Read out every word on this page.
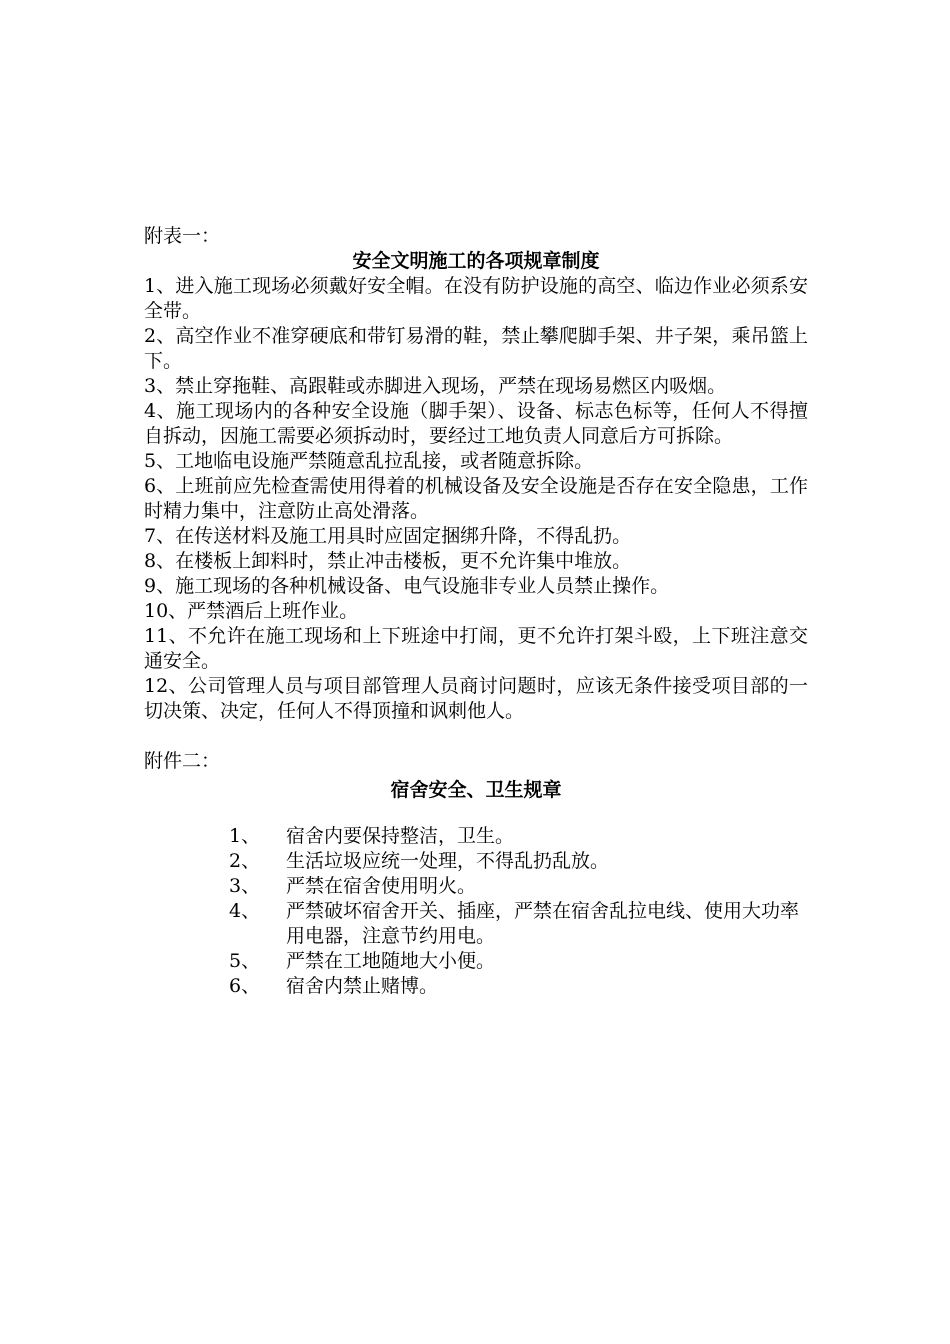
附表一：

安全文明施工的各项规章制度

1、进入施工现场必须戴好安全帽。在没有防护设施的高空、临边作业必须系安全带。

2、高空作业不准穿硬底和带钉易滑的鞋，禁止攀爬脚手架、井子架，乘吊篮上下。

3、禁止穿拖鞋、高跟鞋或赤脚进入现场，严禁在现场易燃区内吸烟。

4、施工现场内的各种安全设施（脚手架）、设备、标志色标等，任何人不得擅自拆动，因施工需要必须拆动时，要经过工地负责人同意后方可拆除。

5、工地临电设施严禁随意乱拉乱接，或者随意拆除。

6、上班前应先检查需使用得着的机械设备及安全设施是否存在安全隐患，工作时精力集中，注意防止高处滑落。

7、在传送材料及施工用具时应固定捆绑升降，不得乱扔。

8、在楼板上卸料时，禁止冲击楼板，更不允许集中堆放。

9、施工现场的各种机械设备、电气设施非专业人员禁止操作。

10、严禁酒后上班作业。

11、不允许在施工现场和上下班途中打闹，更不允许打架斗殴，上下班注意交通安全。

12、公司管理人员与项目部管理人员商讨问题时，应该无条件接受项目部的一切决策、决定，任何人不得顶撞和讽刺他人。

附件二：

宿舍安全、卫生规章

1、	宿舍内要保持整洁，卫生。
2、	生活垃圾应统一处理，不得乱扔乱放。
3、	严禁在宿舍使用明火。
4、	严禁破坏宿舍开关、插座，严禁在宿舍乱拉电线、使用大功率用电器，注意节约用电。
5、	严禁在工地随地大小便。
6、	宿舍内禁止赌博。
